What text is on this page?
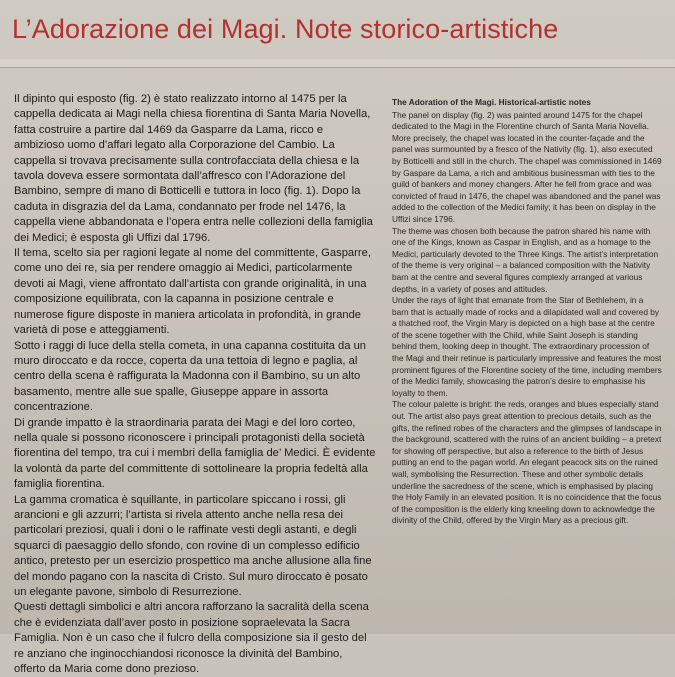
L’Adorazione dei Magi. Note storico-artistiche

Il dipinto qui esposto (fig. 2) è stato realizzato intorno al 1475 per la cappella dedicata ai Magi nella chiesa fiorentina di Santa Maria Novella, fatta costruire a partire dal 1469 da Gasparre da Lama, ricco e ambizioso uomo d’affari legato alla Corporazione del Cambio. La cappella si trovava precisamente sulla controfacciata della chiesa e la tavola doveva essere sormontata dall’affresco con l’Adorazione del Bambino, sempre di mano di Botticelli e tuttora in loco (fig. 1). Dopo la caduta in disgrazia del da Lama, condannato per frode nel 1476, la cappella viene abbandonata e l’opera entra nelle collezioni della famiglia dei Medici; è esposta gli Uffizi dal 1796.

Il tema, scelto sia per ragioni legate al nome del committente, Gasparre, come uno dei re, sia per rendere omaggio ai Medici, particolarmente devoti ai Magi, viene affrontato dall’artista con grande originalità, in una composizione equilibrata, con la capanna in posizione centrale e numerose figure disposte in maniera articolata in profondità, in grande varietà di pose e atteggiamenti.

Sotto i raggi di luce della stella cometa, in una capanna costituita da un muro diroccato e da rocce, coperta da una tettoia di legno e paglia, al centro della scena è raffigurata la Madonna con il Bambino, su un alto basamento, mentre alle sue spalle, Giuseppe appare in assorta concentrazione.

Di grande impatto è la straordinaria parata dei Magi e del loro corteo, nella quale si possono riconoscere i principali protagonisti della società fiorentina del tempo, tra cui i membri della famiglia de’ Medici. È evidente la volontà da parte del committente di sottolineare la propria fedeltà alla famiglia fiorentina.

La gamma cromatica è squillante, in particolare spiccano i rossi, gli arancioni e gli azzurri; l’artista si rivela attento anche nella resa dei particolari preziosi, quali i doni o le raffinate vesti degli astanti, e degli squarci di paesaggio dello sfondo, con rovine di un complesso edificio antico, pretesto per un esercizio prospettico ma anche allusione alla fine del mondo pagano con la nascita di Cristo. Sul muro diroccato è posato un elegante pavone, simbolo di Resurrezione.

Questi dettagli simbolici e altri ancora rafforzano la sacralità della scena che è evidenziata dall’aver posto in posizione sopraelevata la Sacra Famiglia. Non è un caso che il fulcro della composizione sia il gesto del re anziano che inginocchiandosi riconosce la divinità del Bambino, offerto da Maria come dono prezioso.

The Adoration of the Magi. Historical-artistic notes

The panel on display (fig. 2) was painted around 1475 for the chapel dedicated to the Magi in the Florentine church of Santa Maria Novella. More precisely, the chapel was located in the counter-façade and the panel was surmounted by a fresco of the Nativity (fig. 1), also executed by Botticelli and still in the church. The chapel was commissioned in 1469 by Gaspare da Lama, a rich and ambitious businessman with ties to the guild of bankers and money changers. After he fell from grace and was convicted of fraud in 1476, the chapel was abandoned and the panel was added to the collection of the Medici family; it has been on display in the Uffizi since 1796.

The theme was chosen both because the patron shared his name with one of the Kings, known as Caspar in English, and as a homage to the Medici, particularly devoted to the Three Kings. The artist’s interpretation of the theme is very original – a balanced composition with the Nativity barn at the centre and several figures complexly arranged at various depths, in a variety of poses and attitudes.

Under the rays of light that emanate from the Star of Bethlehem, in a barn that is actually made of rocks and a dilapidated wall and covered by a thatched roof, the Virgin Mary is depicted on a high base at the centre of the scene together with the Child, while Saint Joseph is standing behind them, looking deep in thought. The extraordinary procession of the Magi and their retinue is particularly impressive and features the most prominent figures of the Florentine society of the time, including members of the Medici family, showcasing the patron’s desire to emphasise his loyalty to them.

The colour palette is bright: the reds, oranges and blues especially stand out. The artist also pays great attention to precious details, such as the gifts, the refined robes of the characters and the glimpses of landscape in the background, scattered with the ruins of an ancient building – a pretext for showing off perspective, but also a reference to the birth of Jesus putting an end to the pagan world. An elegant peacock sits on the ruined wall, symbolising the Resurrection. These and other symbolic details underline the sacredness of the scene, which is emphasised by placing the Holy Family in an elevated position. It is no coincidence that the focus of the composition is the elderly king kneeling down to acknowledge the divinity of the Child, offered by the Virgin Mary as a precious gift.
